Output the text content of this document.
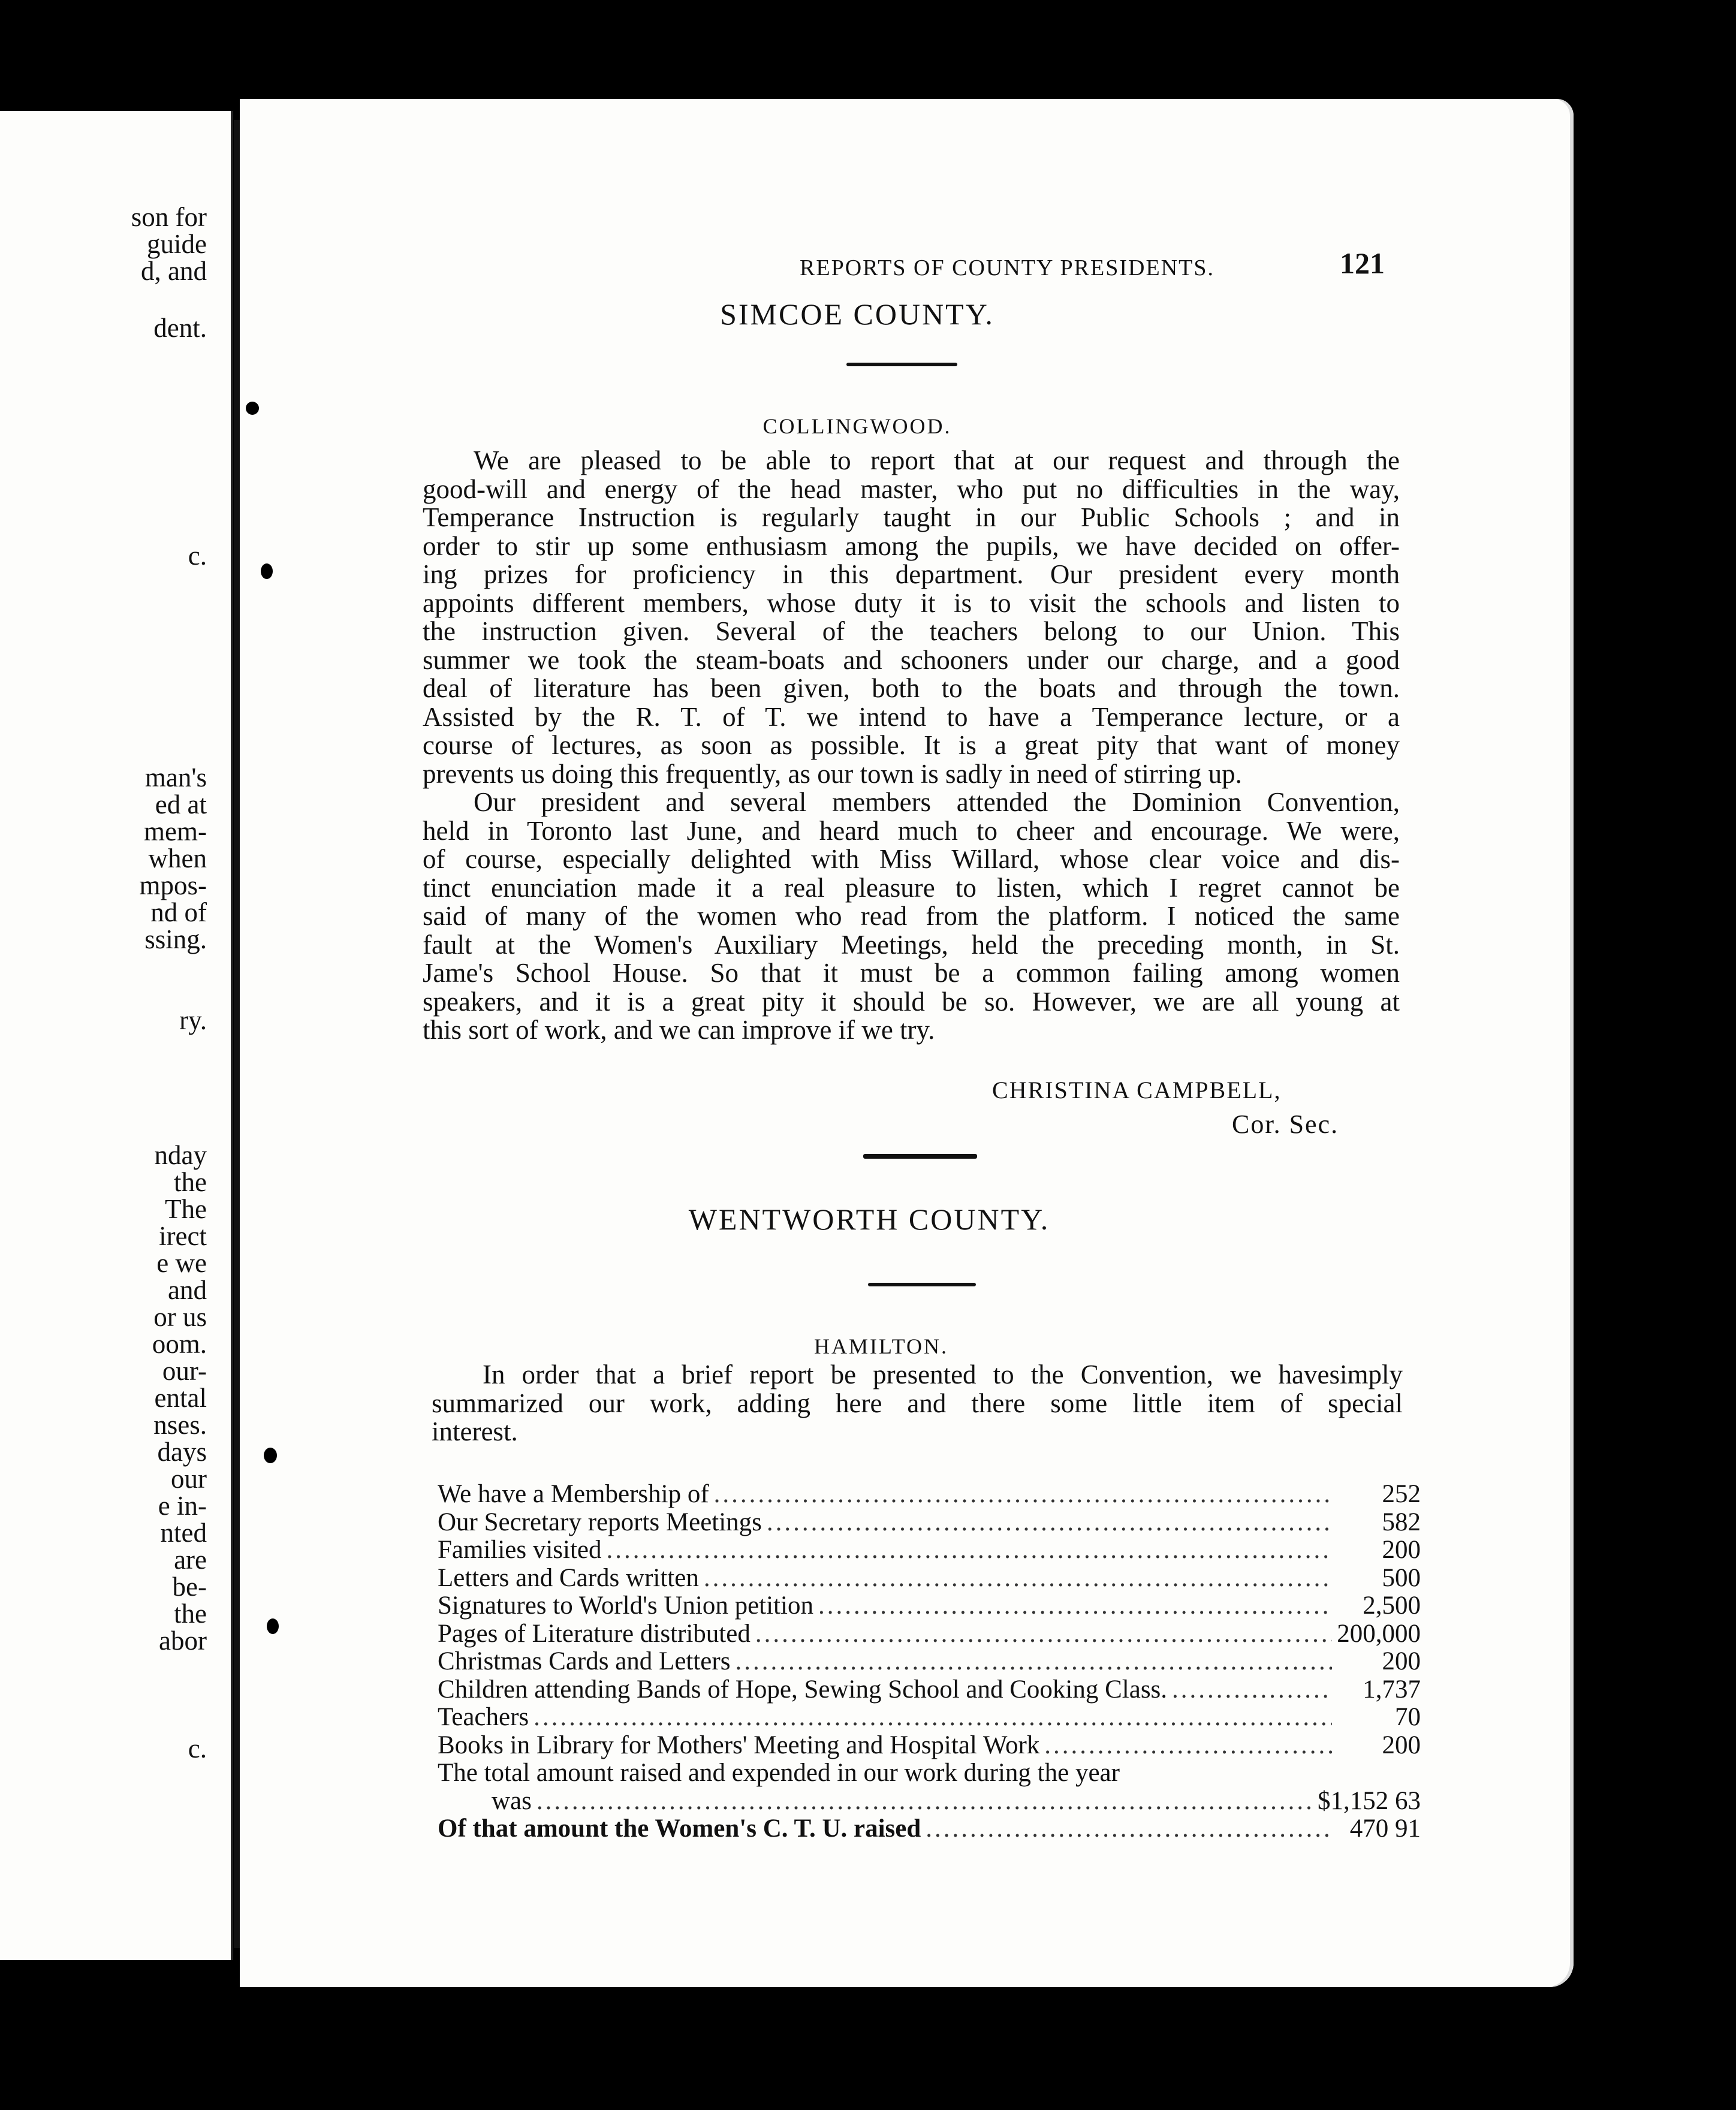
son for
guide
d, and
dent.
c.
man's
ed at
mem-
when
mpos-
nd of
ssing.
ry.
nday
the
The
irect
e we
and
or us
oom.
our-
ental
nses.
days
our
e in-
nted
are
be-
the
abor
c.
REPORTS OF COUNTY PRESIDENTS.	121
SIMCOE COUNTY.
COLLINGWOOD.

We are pleased to be able to report that at our request and through the
good-will and energy of the head master, who put no difficulties in the way,
Temperance Instruction is regularly taught in our Public Schools ; and in
order to stir up some enthusiasm among the pupils, we have decided on offer-
ing prizes for proficiency in this department. Our president every month
appoints different members, whose duty it is to visit the schools and listen to
the instruction given. Several of the teachers belong to our Union. This
summer we took the steam-boats and schooners under our charge, and a good
deal of literature has been given, both to the boats and through the town.
Assisted by the R. T. of T. we intend to have a Temperance lecture, or a
course of lectures, as soon as possible. It is a great pity that want of money
prevents us doing this frequently, as our town is sadly in need of stirring up.

Our president and several members attended the Dominion Convention,
held in Toronto last June, and heard much to cheer and encourage. We were,
of course, especially delighted with Miss Willard, whose clear voice and dis-
tinct enunciation made it a real pleasure to listen, which I regret cannot be
said of many of the women who read from the platform. I noticed the same
fault at the Women's Auxiliary Meetings, held the preceding month, in St.
Jame's School House. So that it must be a common failing among women
speakers, and it is a great pity it should be so. However, we are all young at
this sort of work, and we can improve if we try.

CHRISTINA CAMPBELL,
Cor. Sec.
WENTWORTH COUNTY.
HAMILTON.
In order that a brief report be presented to the Convention, we havesimply summarized our work, adding here and there some little item of special
interest.
We have a Membership of .....	252
Our Secretary reports Meetings .....	582
Families visited .....	200
Letters and Cards written .....	500
Signatures to World's Union petition .....	2,500
Pages of Literature distributed .....	200,000
Christmas Cards and Letters .....	200
Children attending Bands of Hope, Sewing School and Cooking Class. .....	1,737
Teachers .....	70
Books in Library for Mothers' Meeting and Hospital Work .....	200
The total amount raised and expended in our work during the year
was .....	$1,152 63
Of that amount the Women's C. T. U. raised .....	470 91
